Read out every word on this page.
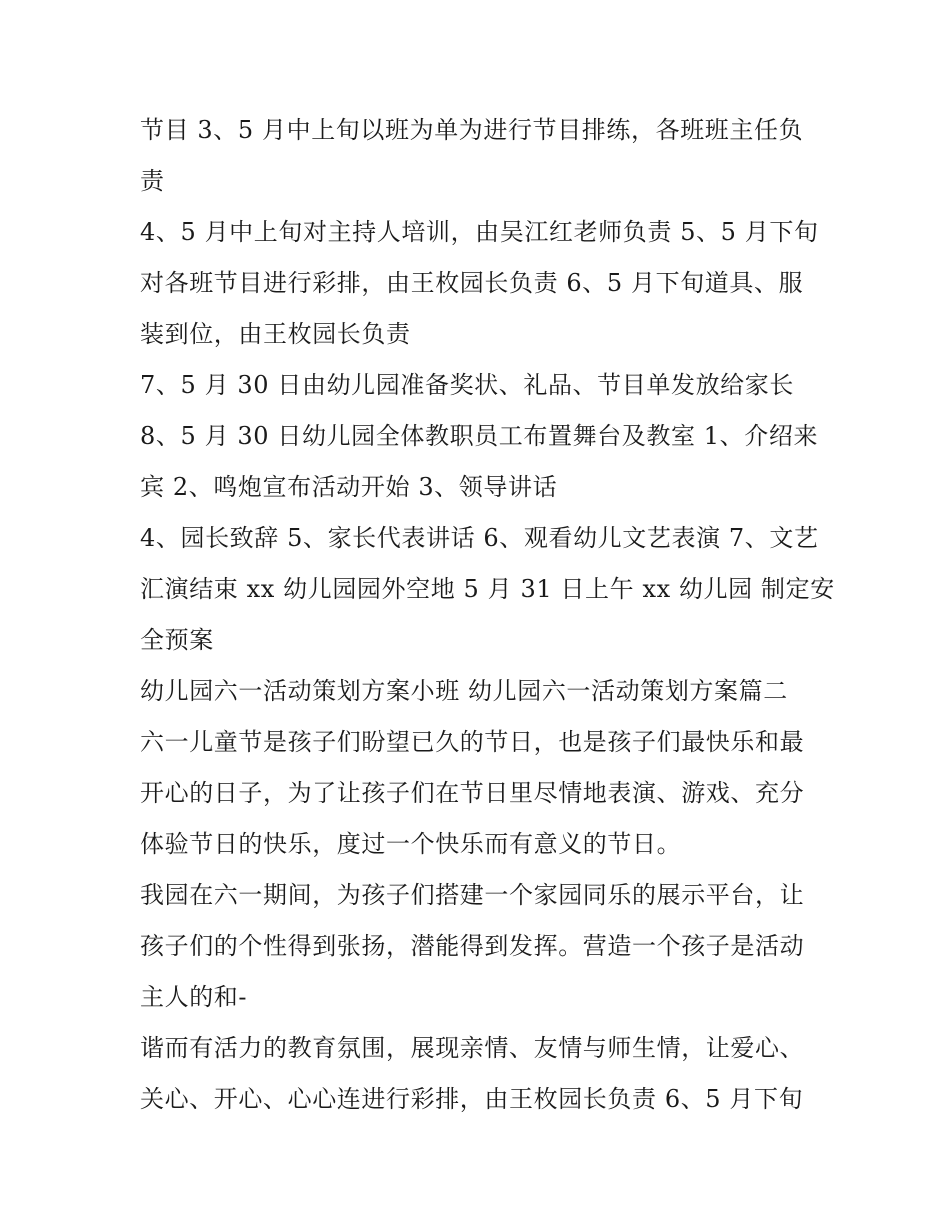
节目 3、5 月中上旬以班为单为进行节目排练，各班班主任负
责
4、5 月中上旬对主持人培训，由吴江红老师负责 5、5 月下旬
对各班节目进行彩排，由王枚园长负责 6、5 月下旬道具、服
装到位，由王枚园长负责
7、5 月 30 日由幼儿园准备奖状、礼品、节目单发放给家长
8、5 月 30 日幼儿园全体教职员工布置舞台及教室 1、介绍来
宾 2、鸣炮宣布活动开始 3、领导讲话
4、园长致辞 5、家长代表讲话 6、观看幼儿文艺表演 7、文艺
汇演结束 xx 幼儿园园外空地 5 月 31 日上午 xx 幼儿园 制定安
全预案
幼儿园六一活动策划方案小班 幼儿园六一活动策划方案篇二
六一儿童节是孩子们盼望已久的节日，也是孩子们最快乐和最
开心的日子，为了让孩子们在节日里尽情地表演、游戏、充分
体验节日的快乐，度过一个快乐而有意义的节日。
我园在六一期间，为孩子们搭建一个家园同乐的展示平台，让
孩子们的个性得到张扬，潜能得到发挥。营造一个孩子是活动
主人的和-
谐而有活力的教育氛围，展现亲情、友情与师生情，让爱心、
关心、开心、心心连进行彩排，由王枚园长负责 6、5 月下旬
